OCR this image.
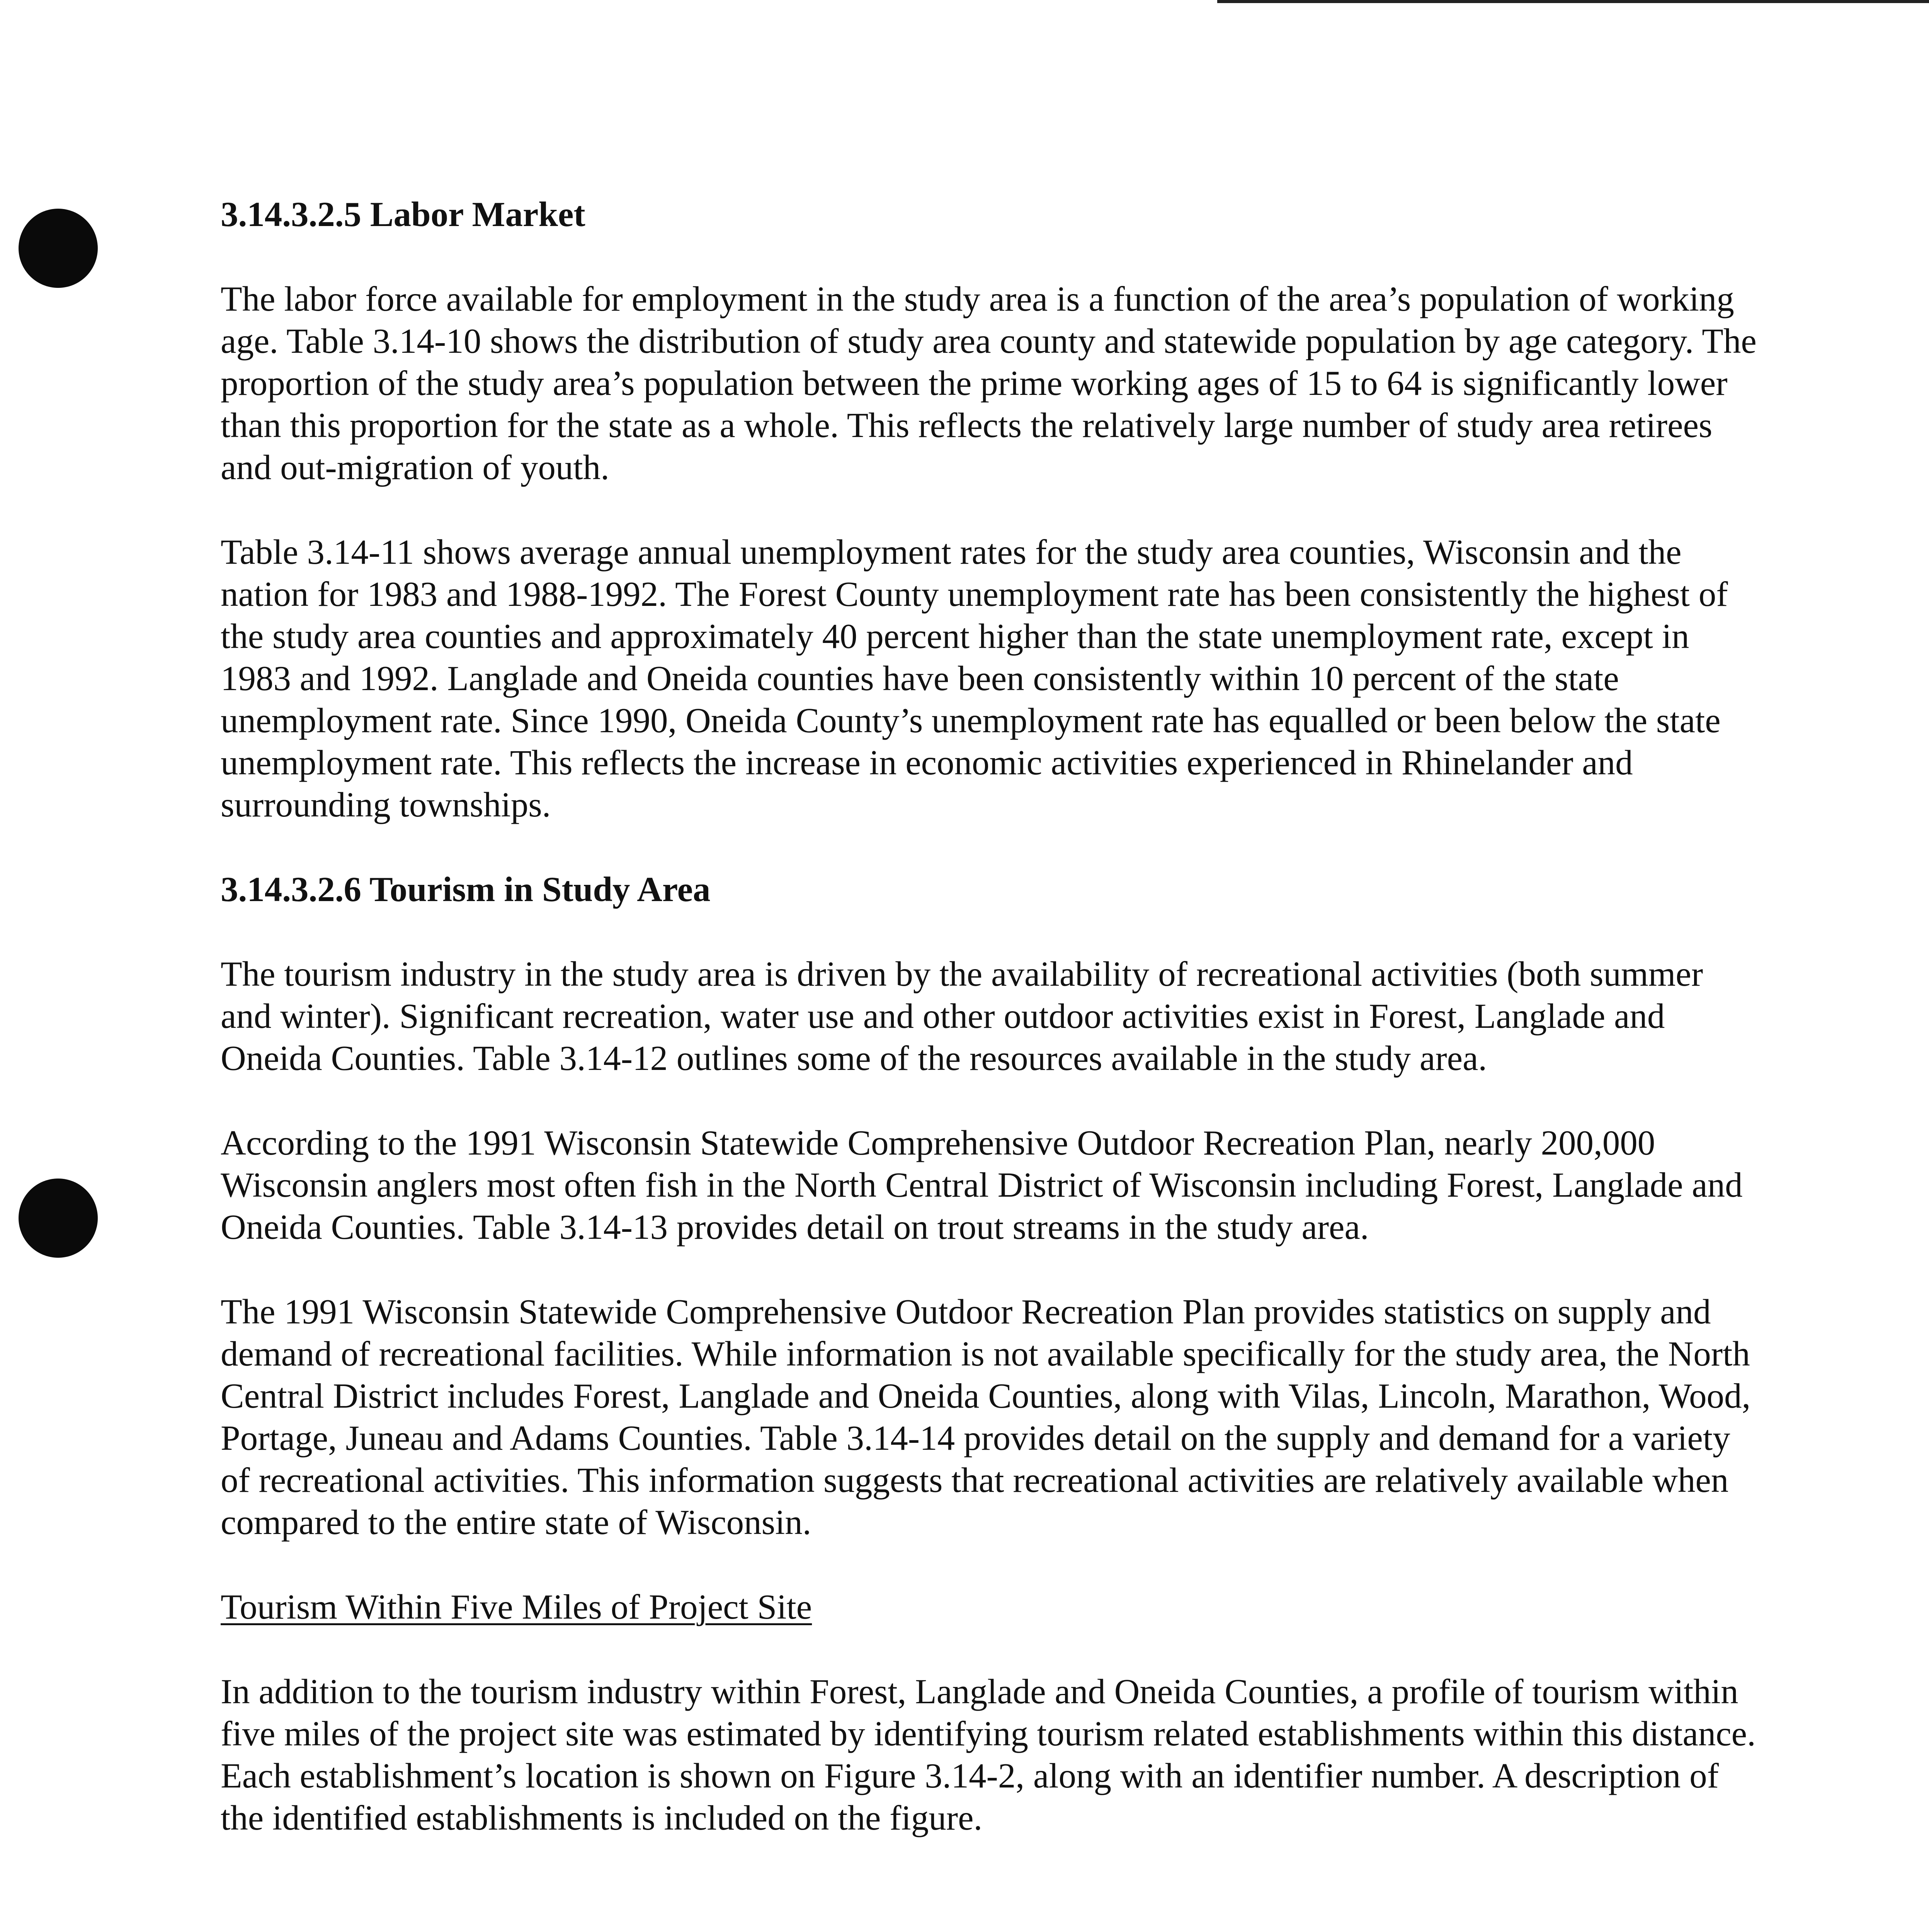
3.14.3.2.5 Labor Market

The labor force available for employment in the study area is a function of the area’s population of working age. Table 3.14-10 shows the distribution of study area county and statewide population by age category. The proportion of the study area’s population between the prime working ages of 15 to 64 is significantly lower than this proportion for the state as a whole. This reflects the relatively large number of study area retirees and out-migration of youth.

Table 3.14-11 shows average annual unemployment rates for the study area counties, Wisconsin and the nation for 1983 and 1988-1992. The Forest County unemployment rate has been consistently the highest of the study area counties and approximately 40 percent higher than the state unemployment rate, except in 1983 and 1992. Langlade and Oneida counties have been consistently within 10 percent of the state unemployment rate. Since 1990, Oneida County’s unemployment rate has equalled or been below the state unemployment rate. This reflects the increase in economic activities experienced in Rhinelander and surrounding townships.

3.14.3.2.6 Tourism in Study Area

The tourism industry in the study area is driven by the availability of recreational activities (both summer and winter). Significant recreation, water use and other outdoor activities exist in Forest, Langlade and Oneida Counties. Table 3.14-12 outlines some of the resources available in the study area.

According to the 1991 Wisconsin Statewide Comprehensive Outdoor Recreation Plan, nearly 200,000 Wisconsin anglers most often fish in the North Central District of Wisconsin including Forest, Langlade and Oneida Counties. Table 3.14-13 provides detail on trout streams in the study area.

The 1991 Wisconsin Statewide Comprehensive Outdoor Recreation Plan provides statistics on supply and demand of recreational facilities. While information is not available specifically for the study area, the North Central District includes Forest, Langlade and Oneida Counties, along with Vilas, Lincoln, Marathon, Wood, Portage, Juneau and Adams Counties. Table 3.14-14 provides detail on the supply and demand for a variety of recreational activities. This information suggests that recreational activities are relatively available when compared to the entire state of Wisconsin.

Tourism Within Five Miles of Project Site

In addition to the tourism industry within Forest, Langlade and Oneida Counties, a profile of tourism within five miles of the project site was estimated by identifying tourism related establishments within this distance. Each establishment’s location is shown on Figure 3.14-2, along with an identifier number. A description of the identified establishments is included on the figure.
